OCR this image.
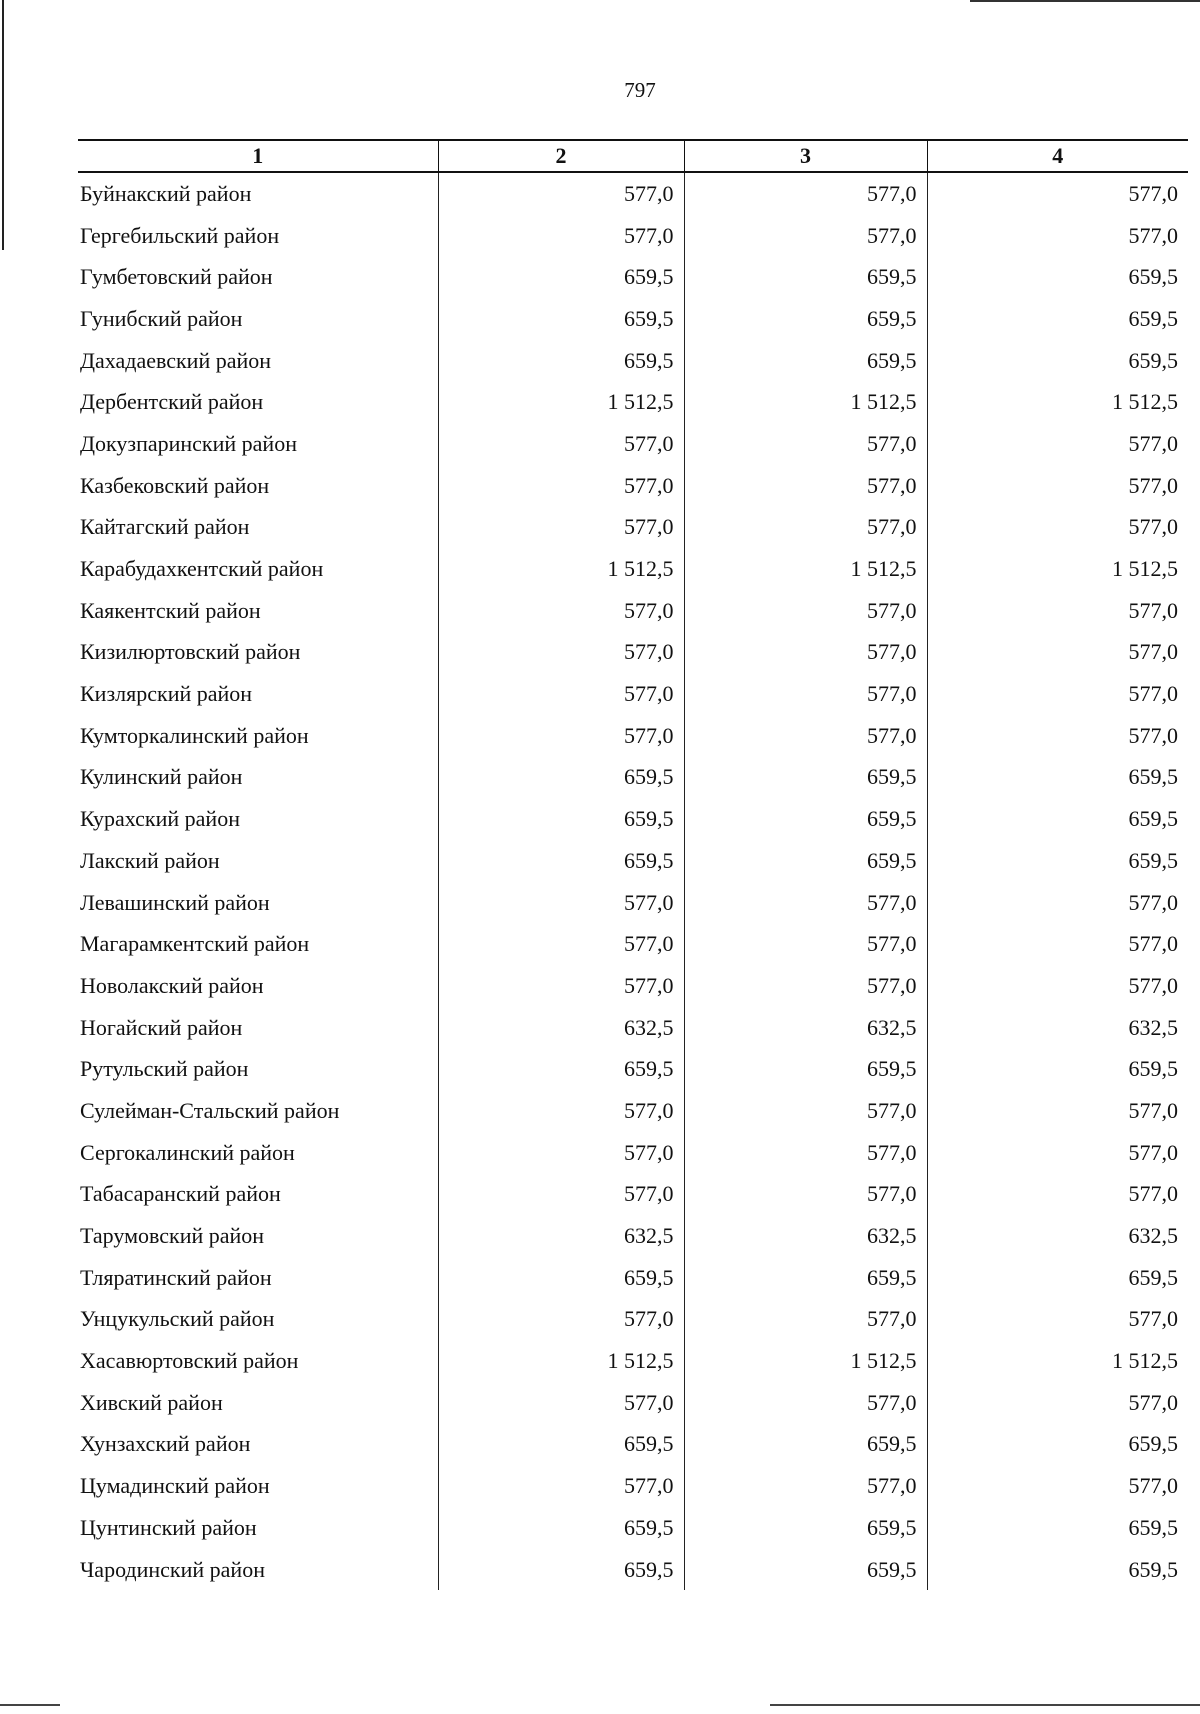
797
1	2	3	4
Буйнакский район	577,0	577,0	577,0
Гергебильский район	577,0	577,0	577,0
Гумбетовский район	659,5	659,5	659,5
Гунибский район	659,5	659,5	659,5
Дахадаевский район	659,5	659,5	659,5
Дербентский район	1 512,5	1 512,5	1 512,5
Докузпаринский район	577,0	577,0	577,0
Казбековский район	577,0	577,0	577,0
Кайтагский район	577,0	577,0	577,0
Карабудахкентский район	1 512,5	1 512,5	1 512,5
Каякентский район	577,0	577,0	577,0
Кизилюртовский район	577,0	577,0	577,0
Кизлярский район	577,0	577,0	577,0
Кумторкалинский район	577,0	577,0	577,0
Кулинский район	659,5	659,5	659,5
Курахский район	659,5	659,5	659,5
Лакский район	659,5	659,5	659,5
Левашинский район	577,0	577,0	577,0
Магарамкентский район	577,0	577,0	577,0
Новолакский район	577,0	577,0	577,0
Ногайский район	632,5	632,5	632,5
Рутульский район	659,5	659,5	659,5
Сулейман-Стальский район	577,0	577,0	577,0
Сергокалинский район	577,0	577,0	577,0
Табасаранский район	577,0	577,0	577,0
Тарумовский район	632,5	632,5	632,5
Тляратинский район	659,5	659,5	659,5
Унцукульский район	577,0	577,0	577,0
Хасавюртовский район	1 512,5	1 512,5	1 512,5
Хивский район	577,0	577,0	577,0
Хунзахский район	659,5	659,5	659,5
Цумадинский район	577,0	577,0	577,0
Цунтинский район	659,5	659,5	659,5
Чародинский район	659,5	659,5	659,5
